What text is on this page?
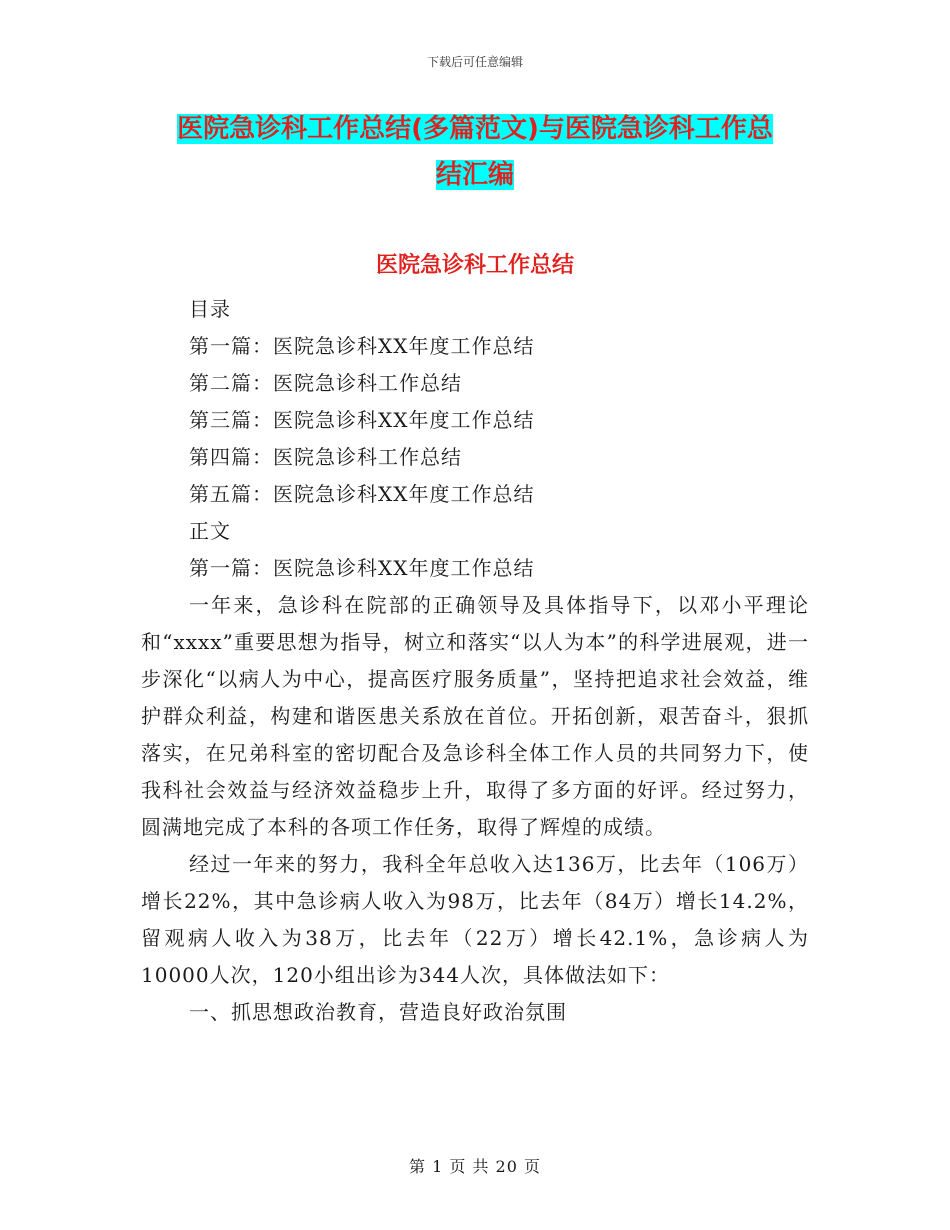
下载后可任意编辑
医院急诊科工作总结(多篇范文)与医院急诊科工作总
结汇编
医院急诊科工作总结

目录

第一篇：医院急诊科XX年度工作总结

第二篇：医院急诊科工作总结

第三篇：医院急诊科XX年度工作总结

第四篇：医院急诊科工作总结

第五篇：医院急诊科XX年度工作总结

正文

第一篇：医院急诊科XX年度工作总结

一年来，急诊科在院部的正确领导及具体指导下，以邓小平理论和“xxxx”重要思想为指导，树立和落实“以人为本”的科学进展观，进一步深化“以病人为中心，提高医疗服务质量”，坚持把追求社会效益，维护群众利益，构建和谐医患关系放在首位。开拓创新，艰苦奋斗，狠抓落实，在兄弟科室的密切配合及急诊科全体工作人员的共同努力下，使我科社会效益与经济效益稳步上升，取得了多方面的好评。经过努力，圆满地完成了本科的各项工作任务，取得了辉煌的成绩。

经过一年来的努力，我科全年总收入达136万，比去年（106万）增长22%，其中急诊病人收入为98万，比去年（84万）增长14.2%，留观病人收入为38万，比去年（22万）增长42.1%，急诊病人为10000人次，120小组出诊为344人次，具体做法如下：

一、抓思想政治教育，营造良好政治氛围

第 1 页 共 20 页
